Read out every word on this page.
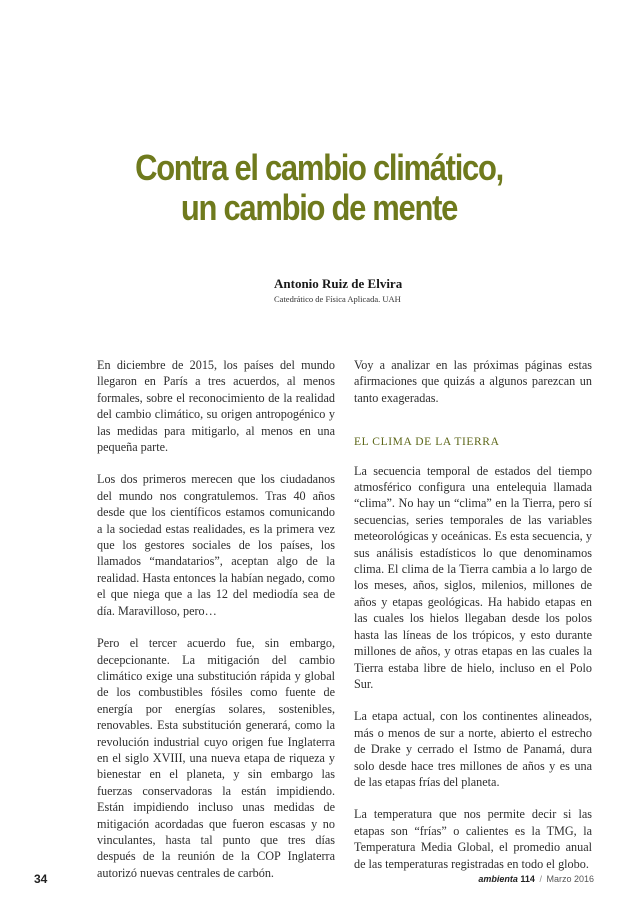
Contra el cambio climático,
un cambio de mente
Antonio Ruiz de Elvira
Catedrático de Física Aplicada. UAH

En diciembre de 2015, los países del mundo llegaron en París a tres acuerdos, al menos formales, sobre el reconocimiento de la realidad del cambio climático, su origen antropogénico y las medidas para mitigarlo, al menos en una pequeña parte.

Los dos primeros merecen que los ciudadanos del mundo nos congratulemos. Tras 40 años desde que los científicos estamos comunicando a la sociedad estas realidades, es la primera vez que los gestores sociales de los países, los llamados “mandatarios”, aceptan algo de la realidad. Hasta entonces la habían negado, como el que niega que a las 12 del mediodía sea de día. Maravilloso, pero…

Pero el tercer acuerdo fue, sin embargo, decepcionante. La mitigación del cambio climático exige una substitución rápida y global de los combustibles fósiles como fuente de energía por energías solares, sostenibles, renovables. Esta substitución generará, como la revolución industrial cuyo origen fue Inglaterra en el siglo XVIII, una nueva etapa de riqueza y bienestar en el planeta, y sin embargo las fuerzas conservadoras la están impidiendo. Están impidiendo incluso unas medidas de mitigación acordadas que fueron escasas y no vinculantes, hasta tal punto que tres días después de la reunión de la COP Inglaterra autorizó nuevas centrales de carbón.

Voy a analizar en las próximas páginas estas afirmaciones que quizás a algunos parezcan un tanto exageradas.

EL CLIMA DE LA TIERRA

La secuencia temporal de estados del tiempo atmosférico configura una entelequia llamada “clima”. No hay un “clima” en la Tierra, pero sí secuencias, series temporales de las variables meteorológicas y oceánicas. Es esta secuencia, y sus análisis estadísticos lo que denominamos clima. El clima de la Tierra cambia a lo largo de los meses, años, siglos, milenios, millones de años y etapas geológicas. Ha habido etapas en las cuales los hielos llegaban desde los polos hasta las líneas de los trópicos, y esto durante millones de años, y otras etapas en las cuales la Tierra estaba libre de hielo, incluso en el Polo Sur.

La etapa actual, con los continentes alineados, más o menos de sur a norte, abierto el estrecho de Drake y cerrado el Istmo de Panamá, dura solo desde hace tres millones de años y es una de las etapas frías del planeta.

La temperatura que nos permite decir si las etapas son “frías” o calientes es la TMG, la Temperatura Media Global, el promedio anual de las temperaturas registradas en todo el globo.

34	ambienta 114 / Marzo 2016
